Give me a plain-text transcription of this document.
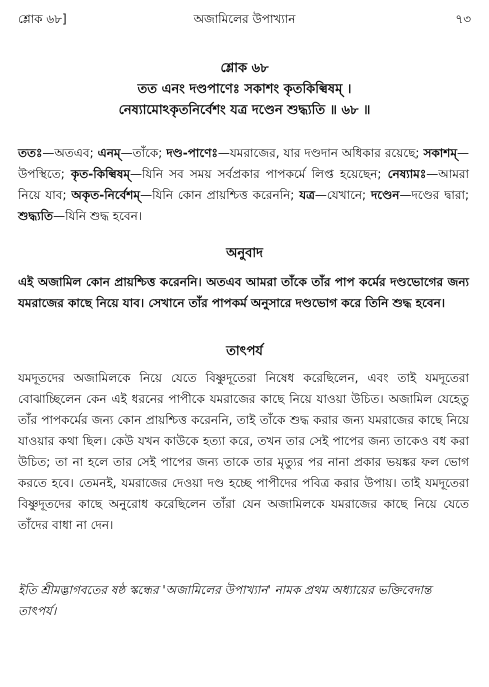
শ্লোক ৬৮]	অজামিলের উপাখ্যান	৭৩
শ্লোক ৬৮
তত এনং দণ্ডপাণেঃ সকাশং কৃতকিল্বিষম্ ।
নেষ্যামোঽকৃতনির্বেশং যত্র দণ্ডেন শুদ্ধ্যতি ॥ ৬৮ ॥
ততঃ—অতএব; এনম্—তাঁকে; দণ্ড-পাণেঃ—যমরাজের, যার দণ্ডদান অধিকার রয়েছে; সকাশম্—উপস্থিতে; কৃত-কিল্বিষম্—যিনি সব সময় সর্বপ্রকার পাপকর্মে লিপ্ত হয়েছেন; নেষ্যামঃ—আমরা নিয়ে যাব; অকৃত-নির্বেশম্—যিনি কোন প্রায়শ্চিত্ত করেননি; যত্র—যেখানে; দণ্ডেন—দণ্ডের দ্বারা; শুদ্ধ্যতি—যিনি শুদ্ধ হবেন।
অনুবাদ
এই অজামিল কোন প্রায়শ্চিত্ত করেননি। অতএব আমরা তাঁকে তাঁর পাপ কর্মের দণ্ডভোগের জন্য যমরাজের কাছে নিয়ে যাব। সেখানে তাঁর পাপকর্ম অনুসারে দণ্ডভোগ করে তিনি শুদ্ধ হবেন।
তাৎপর্য
যমদূতদের অজামিলকে নিয়ে যেতে বিষ্ণুদূতেরা নিষেধ করেছিলেন, এবং তাই যমদূতেরা বোঝাচ্ছিলেন কেন এই ধরনের পাপীকে যমরাজের কাছে নিয়ে যাওয়া উচিত। অজামিল যেহেতু তাঁর পাপকর্মের জন্য কোন প্রায়শ্চিত্ত করেননি, তাই তাঁকে শুদ্ধ করার জন্য যমরাজের কাছে নিয়ে যাওয়ার কথা ছিল। কেউ যখন কাউকে হত্যা করে, তখন তার সেই পাপের জন্য তাকেও বধ করা উচিত; তা না হলে তার সেই পাপের জন্য তাকে তার মৃত্যুর পর নানা প্রকার ভয়ঙ্কর ফল ভোগ করতে হবে। তেমনই, যমরাজের দেওয়া দণ্ড হচ্ছে পাপীদের পবিত্র করার উপায়। তাই যমদূতেরা বিষ্ণুদূতদের কাছে অনুরোধ করেছিলেন তাঁরা যেন অজামিলকে যমরাজের কাছে নিয়ে যেতে তাঁদের বাধা না দেন।
ইতি শ্রীমদ্ভাগবতের ষষ্ঠ স্কন্ধের 'অজামিলের উপাখ্যান' নামক প্রথম অধ্যায়ের ভক্তিবেদান্ত তাৎপর্য।
